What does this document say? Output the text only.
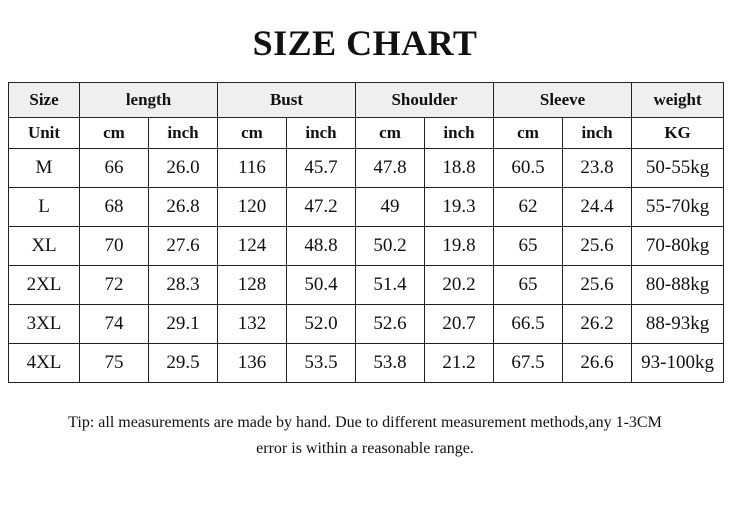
SIZE CHART
Size	length		Bust		Shoulder		Sleeve		weight
Unit	cm	inch	cm	inch	cm	inch	cm	inch	KG
M	66	26.0	116	45.7	47.8	18.8	60.5	23.8	50-55kg
L	68	26.8	120	47.2	49	19.3	62	24.4	55-70kg
XL	70	27.6	124	48.8	50.2	19.8	65	25.6	70-80kg
2XL	72	28.3	128	50.4	51.4	20.2	65	25.6	80-88kg
3XL	74	29.1	132	52.0	52.6	20.7	66.5	26.2	88-93kg
4XL	75	29.5	136	53.5	53.8	21.2	67.5	26.6	93-100kg
Tip: all measurements are made by hand. Due to different measurement methods,any 1-3CM
error is within a reasonable range.
